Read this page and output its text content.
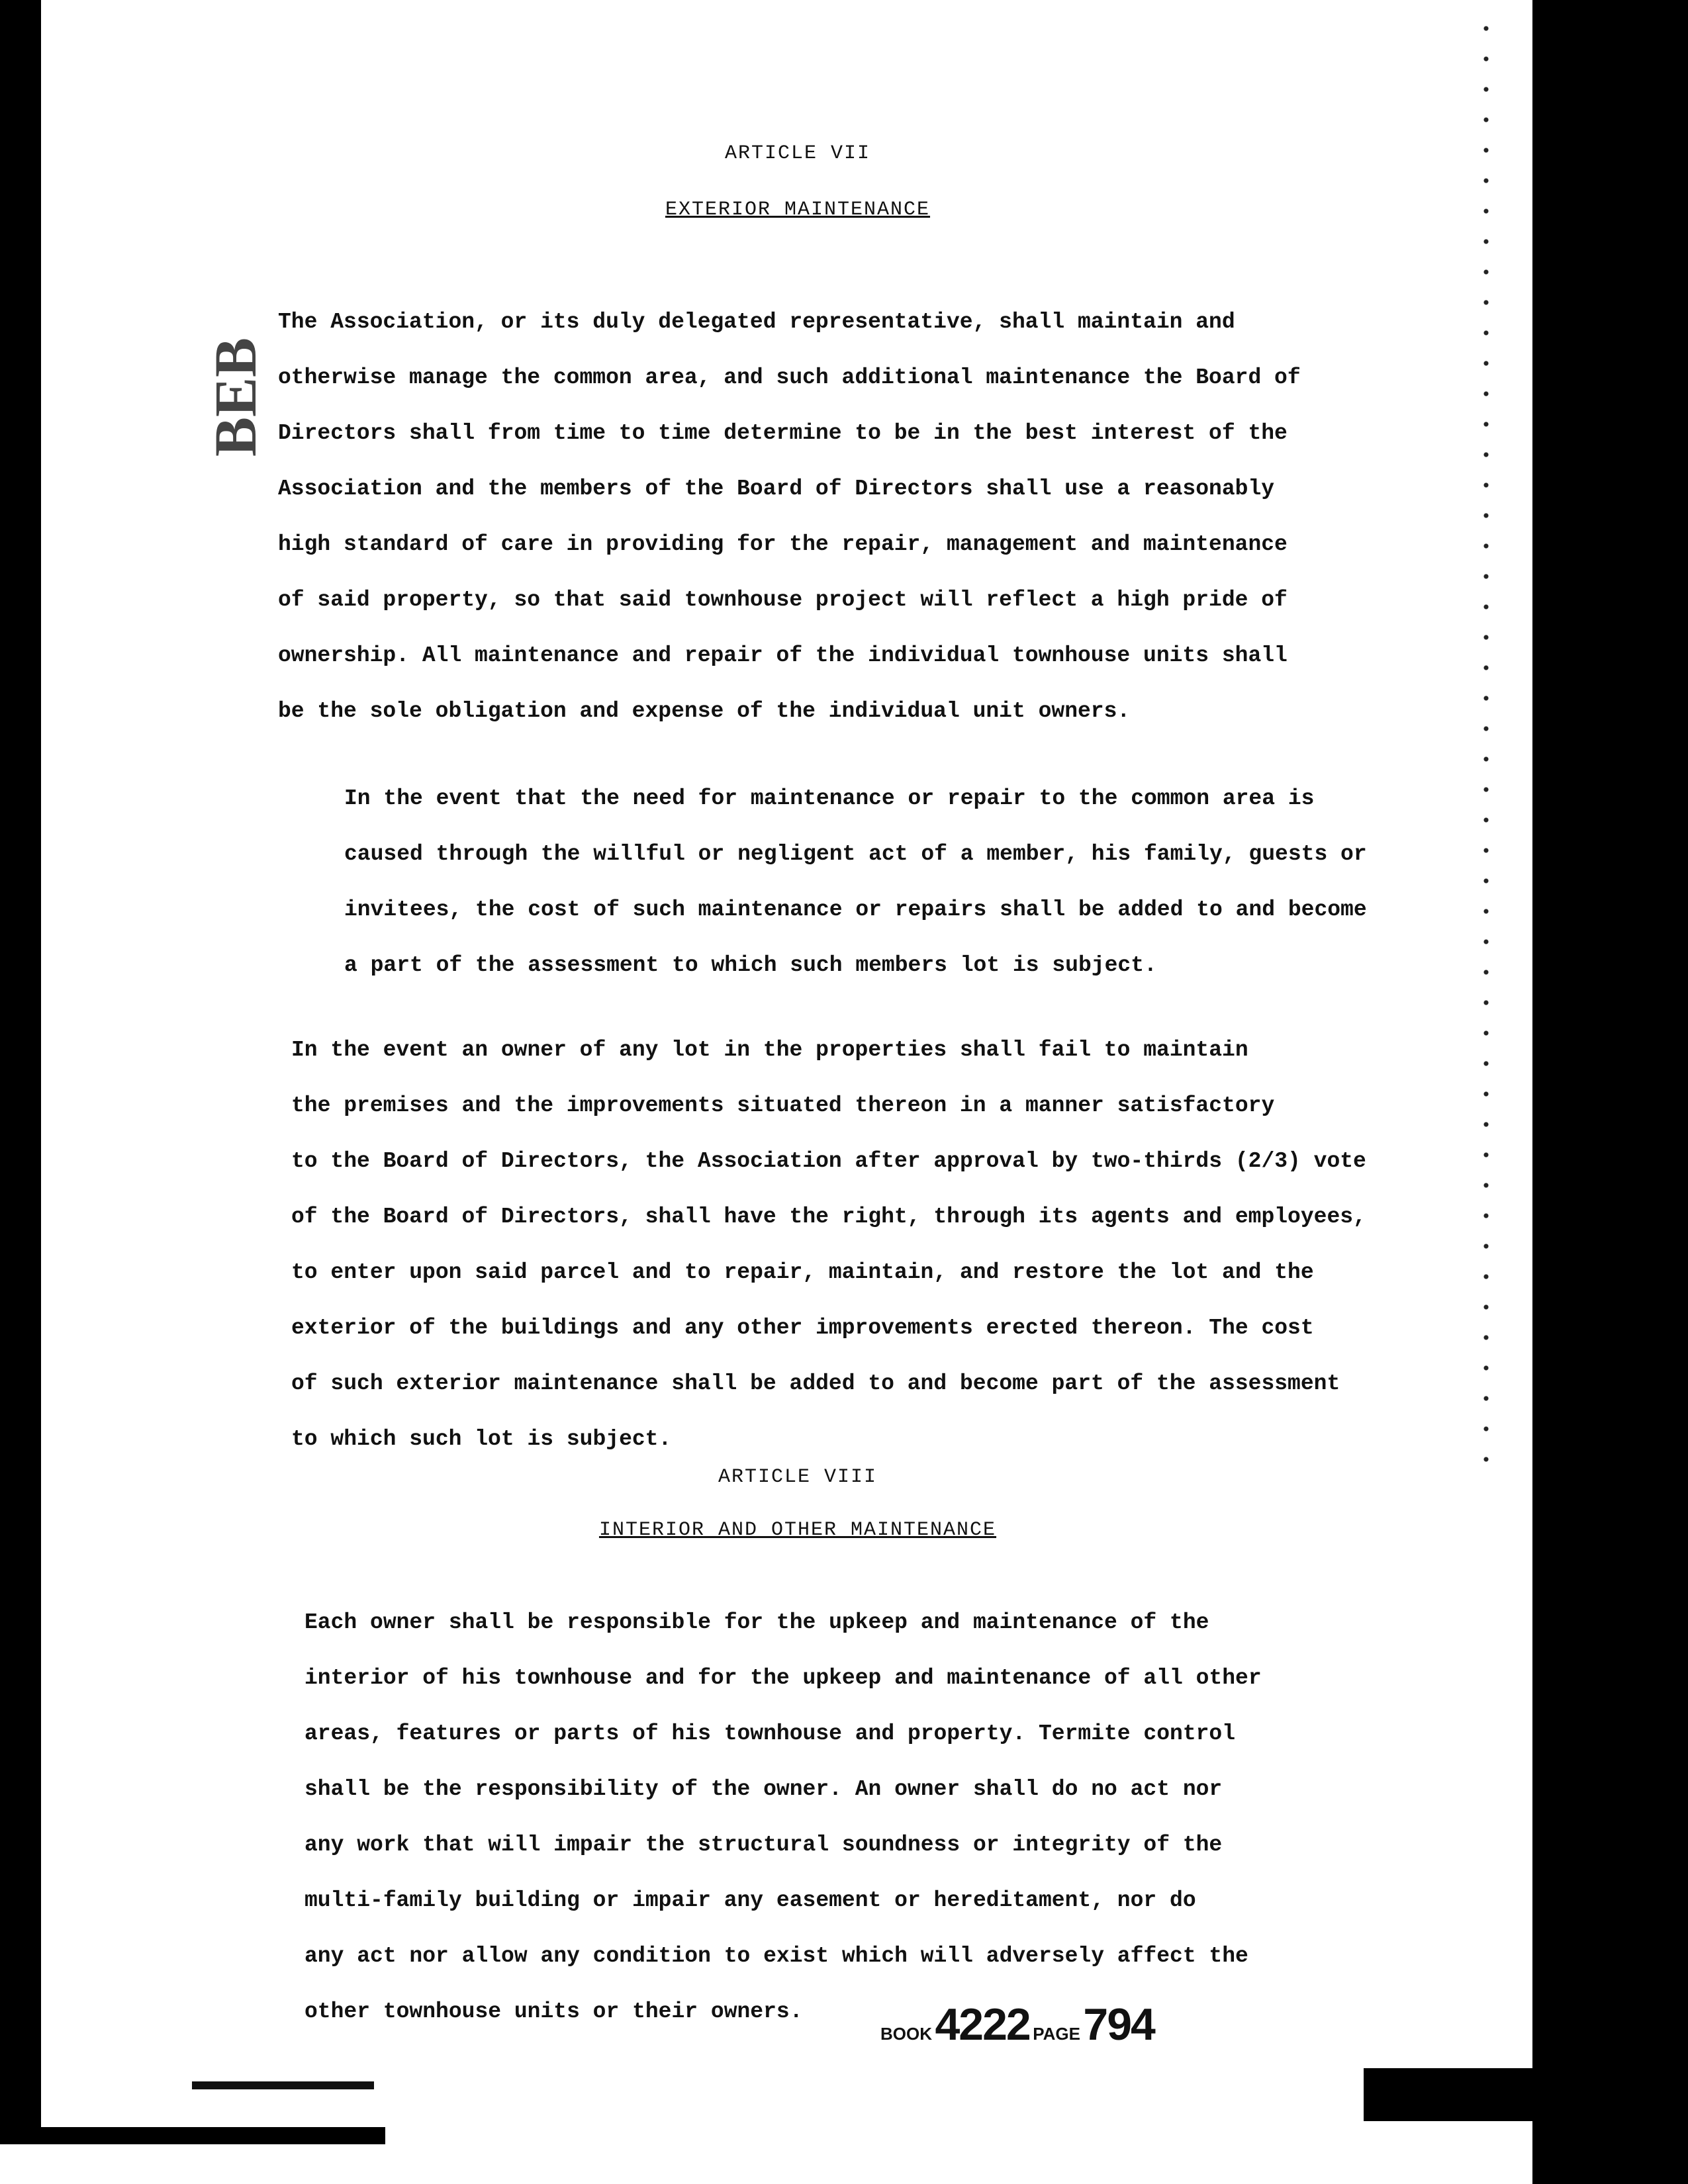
BEB
ARTICLE VII
EXTERIOR MAINTENANCE

The Association, or its duly delegated representative, shall maintain and
otherwise manage the common area, and such additional maintenance the Board of
Directors shall from time to time determine to be in the best interest of the
Association and the members of the Board of Directors shall use a reasonably
high standard of care in providing for the repair, management and maintenance
of said property, so that said townhouse project will reflect a high pride of
ownership. All maintenance and repair of the individual townhouse units shall
be the sole obligation and expense of the individual unit owners.

In the event that the need for maintenance or repair to the common area is
caused through the willful or negligent act of a member, his family, guests or
invitees, the cost of such maintenance or repairs shall be added to and become
a part of the assessment to which such members lot is subject.

In the event an owner of any lot in the properties shall fail to maintain
the premises and the improvements situated thereon in a manner satisfactory
to the Board of Directors, the Association after approval by two-thirds (2/3) vote
of the Board of Directors, shall have the right, through its agents and employees,
to enter upon said parcel and to repair, maintain, and restore the lot and the
exterior of the buildings and any other improvements erected thereon. The cost
of such exterior maintenance shall be added to and become part of the assessment
to which such lot is subject.

ARTICLE VIII
INTERIOR AND OTHER MAINTENANCE

Each owner shall be responsible for the upkeep and maintenance of the
interior of his townhouse and for the upkeep and maintenance of all other
areas, features or parts of his townhouse and property. Termite control
shall be the responsibility of the owner. An owner shall do no act nor
any work that will impair the structural soundness or integrity of the
multi-family building or impair any easement or hereditament, nor do
any act nor allow any condition to exist which will adversely affect the
other townhouse units or their owners.

BOOK 4222 PAGE 794
